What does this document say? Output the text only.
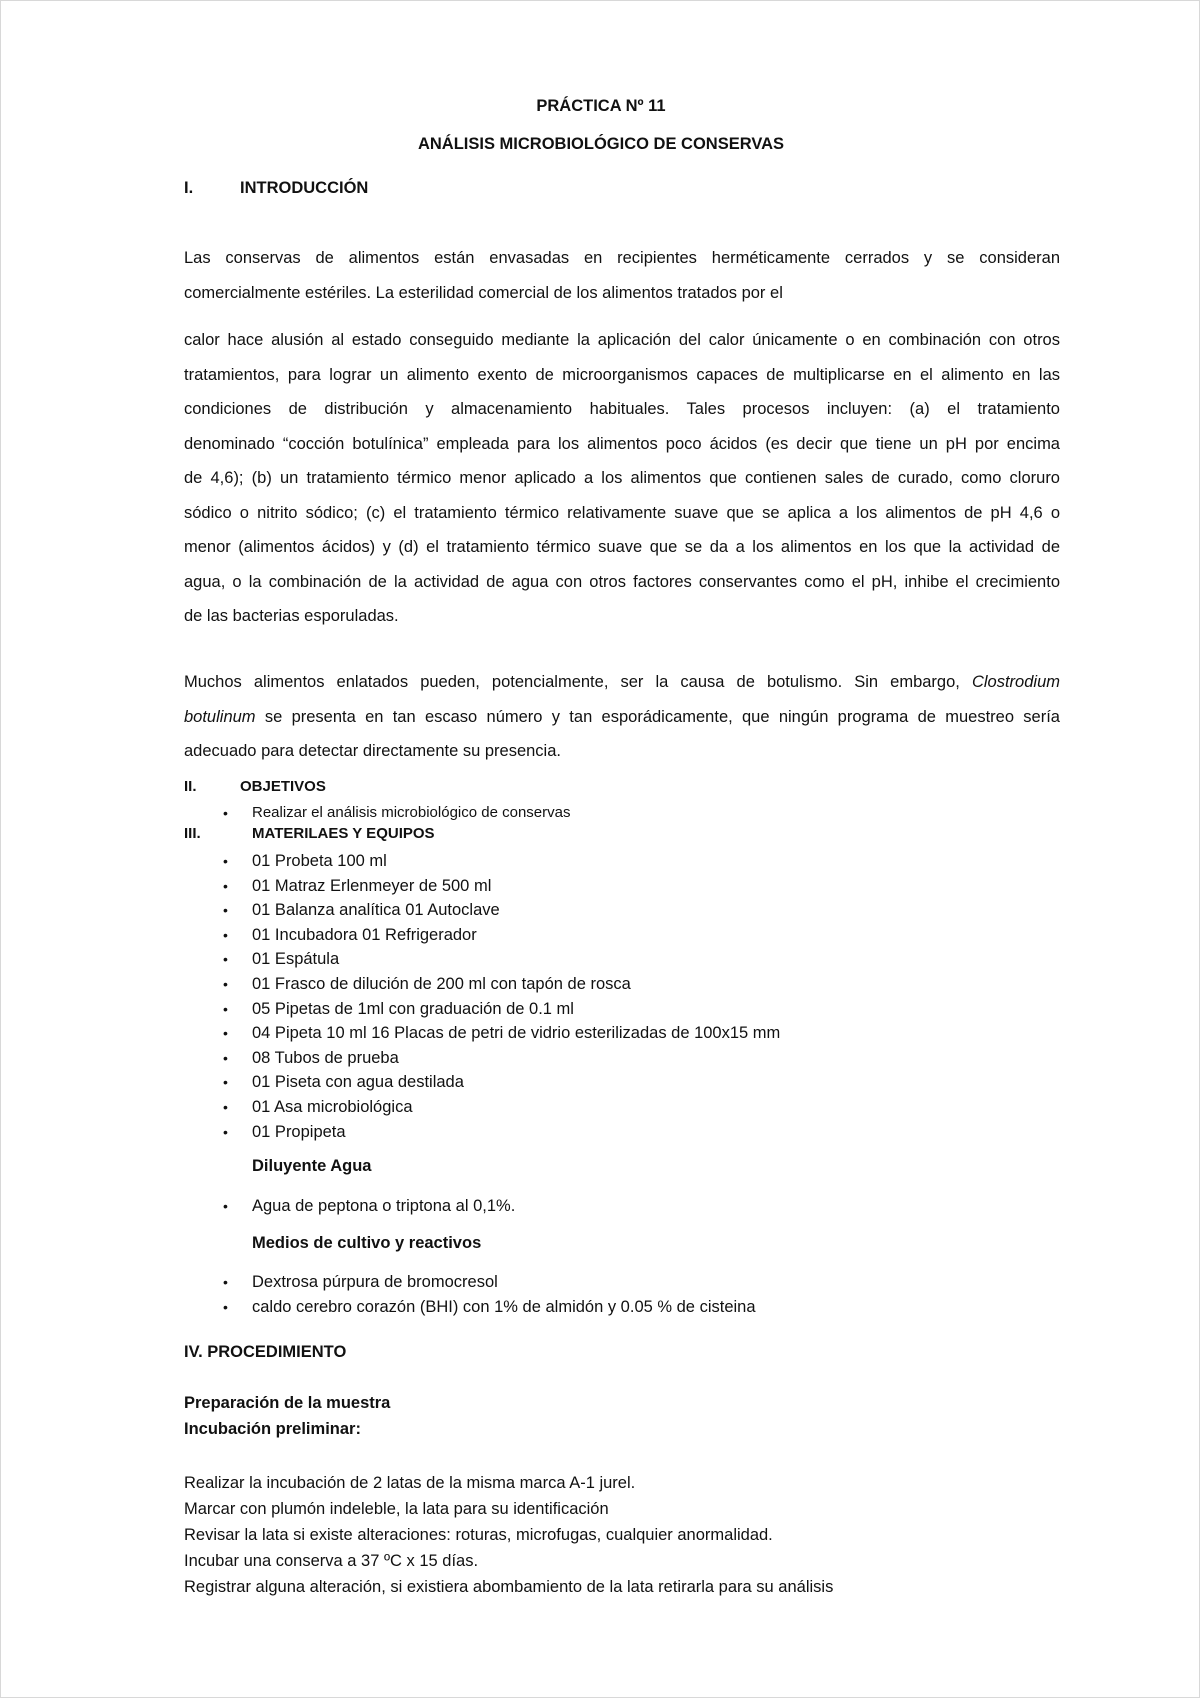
PRÁCTICA Nº 11
ANÁLISIS MICROBIOLÓGICO DE CONSERVAS
I.	INTRODUCCIÓN
Las conservas de alimentos están envasadas en recipientes herméticamente cerrados y se consideran
comercialmente estériles. La esterilidad comercial de los alimentos tratados por el
calor hace alusión al estado conseguido mediante la aplicación del calor únicamente o en combinación con otros
tratamientos, para lograr un alimento exento de microorganismos capaces de multiplicarse en el alimento en las
condiciones de distribución y almacenamiento habituales. Tales procesos incluyen: (a) el tratamiento
denominado “cocción botulínica” empleada para los alimentos poco ácidos (es decir que tiene un pH por encima
de 4,6); (b) un tratamiento térmico menor aplicado a los alimentos que contienen sales de curado, como cloruro
sódico o nitrito sódico; (c) el tratamiento térmico relativamente suave que se aplica a los alimentos de pH 4,6 o
menor (alimentos ácidos) y (d) el tratamiento térmico suave que se da a los alimentos en los que la actividad de
agua, o la combinación de la actividad de agua con otros factores conservantes como el pH, inhibe el crecimiento
de las bacterias esporuladas.
Muchos alimentos enlatados pueden, potencialmente, ser la causa de botulismo. Sin embargo, Clostrodium
botulinum se presenta en tan escaso número y tan esporádicamente, que ningún programa de muestreo sería
adecuado para detectar directamente su presencia.
II.	OBJETIVOS
•	Realizar el análisis microbiológico de conservas
III.	MATERILAES Y EQUIPOS
•	01 Probeta 100 ml
•	01 Matraz Erlenmeyer de 500 ml
•	01 Balanza analítica 01 Autoclave
•	01 Incubadora 01 Refrigerador
•	01 Espátula
•	01 Frasco de dilución de 200 ml con tapón de rosca
•	05 Pipetas de 1ml con graduación de 0.1 ml
•	04 Pipeta 10 ml 16 Placas de petri de vidrio esterilizadas de 100x15 mm
•	08 Tubos de prueba
•	01 Piseta con agua destilada
•	01 Asa microbiológica
•	01 Propipeta
Diluyente Agua
•	Agua de peptona o triptona al 0,1%.
Medios de cultivo y reactivos
•	Dextrosa púrpura de bromocresol
•	caldo cerebro corazón (BHI) con 1% de almidón y 0.05 % de cisteina
IV. PROCEDIMIENTO
Preparación de la muestra
Incubación preliminar:
Realizar la incubación de 2 latas de la misma marca A-1 jurel.
Marcar con plumón indeleble, la lata para su identificación
Revisar la lata si existe alteraciones: roturas, microfugas, cualquier anormalidad.
Incubar una conserva a 37 ºC x 15 días.
Registrar alguna alteración, si existiera abombamiento de la lata retirarla para su análisis
